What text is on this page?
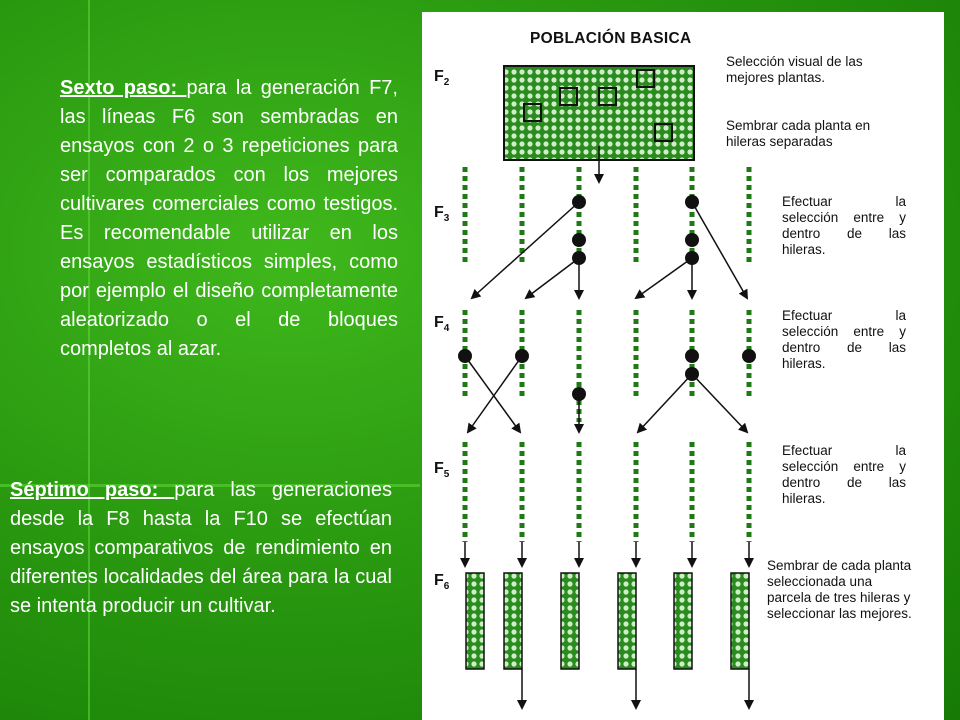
Sexto paso: para la generación F7, las líneas F6 son sembradas en ensayos con 2 o 3 repeticiones para ser comparados con los mejores cultivares comerciales como testigos. Es recomendable utilizar en los ensayos estadísticos simples, como por ejemplo el diseño completamente aleatorizado o el de bloques completos al azar.

Séptimo paso: para las generaciones desde la F8 hasta la F10 se efectúan ensayos comparativos de rendimiento en diferentes localidades del área para la cual se intenta producir un cultivar.

POBLACIÓN BASICA
$F_2$
$F_3$
$F_4$
$F_5$
$F_6$

Selección visual de las mejores plantas.

Sembrar cada planta en hileras separadas

Efectuar la selección entre y dentro de las hileras.

Efectuar la selección entre y dentro de las hileras.

Efectuar la selección entre y dentro de las hileras.

Sembrar de cada planta seleccionada una parcela de tres hileras y seleccionar las mejores.
